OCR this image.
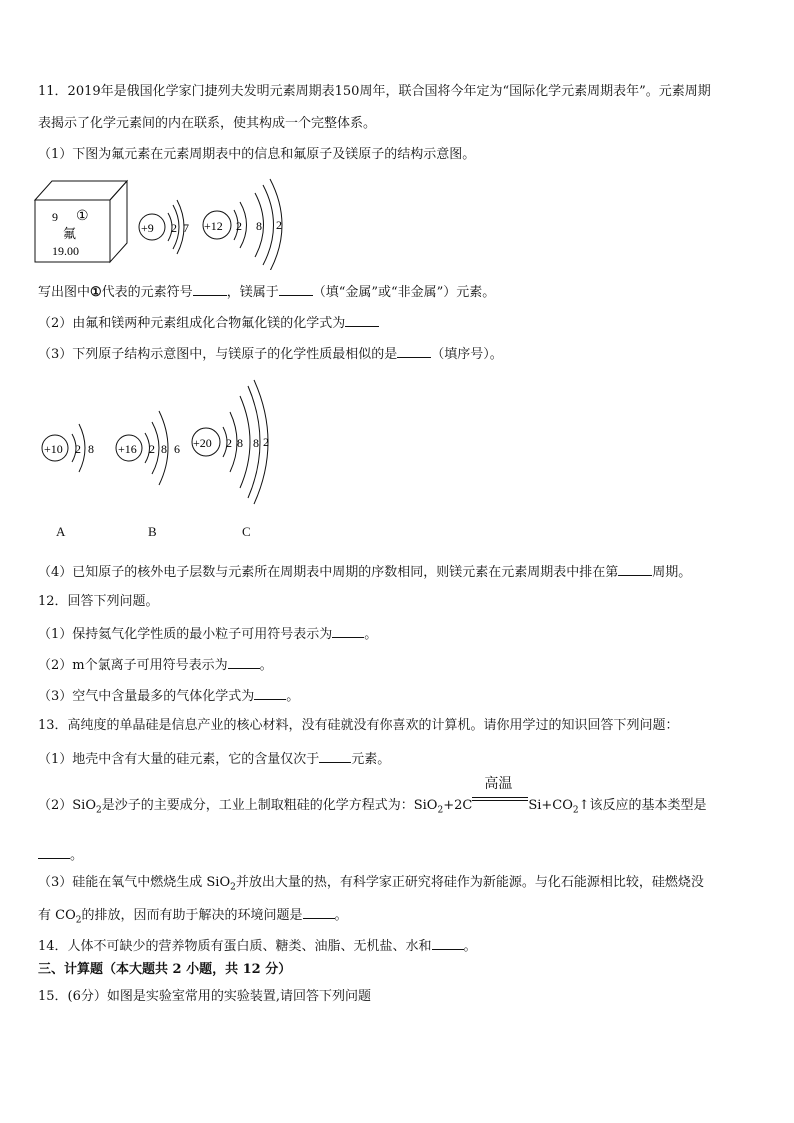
11．2019年是俄国化学家门捷列夫发明元素周期表150周年，联合国将今年定为“国际化学元素周期表年”。元素周期
表揭示了化学元素间的内在联系，使其构成一个完整体系。
（1）下图为氟元素在元素周期表中的信息和氟原子及镁原子的结构示意图。
9 ①
氟
19.00
+9 2 7 +12 2 8 2
写出图中①代表的元素符号	，镁属于	（填“金属”或“非金属”）元素。
（2）由氟和镁两种元素组成化合物氟化镁的化学式为
（3）下列原子结构示意图中，与镁原子的化学性质最相似的是	（填序号）。
+10 2 8 +16 2 8 6 +20 2 8 8 2
A	B	C
（4）已知原子的核外电子层数与元素所在周期表中周期的序数相同，则镁元素在元素周期表中排在第	周期。
12．回答下列问题。
（1）保持氦气化学性质的最小粒子可用符号表示为 。
（2）m个氯离子可用符号表示为 。
（3）空气中含量最多的气体化学式为 。
13．高纯度的单晶硅是信息产业的核心材料，没有硅就没有你喜欢的计算机。请你用学过的知识回答下列问题：
（1）地壳中含有大量的硅元素，它的含量仅次于 元素。
（2）SiO$_2$是沙子的主要成分，工业上制取粗硅的化学方程式为：SiO$_2$+2C
高温
$Si+CO_2↑$该反应的基本类型是
。
（3）硅能在氧气中燃烧生成 SiO$_2$并放出大量的热，有科学家正研究将硅作为新能源。与化石能源相比较，硅燃烧没
有 $CO_2$的排放，因而有助于解决的环境问题是 。
14．人体不可缺少的营养物质有蛋白质、糖类、油脂、无机盐、水和 。
三、计算题（本大题共 2 小题，共 12 分）
15．(6分）如图是实验室常用的实验装置,请回答下列问题
